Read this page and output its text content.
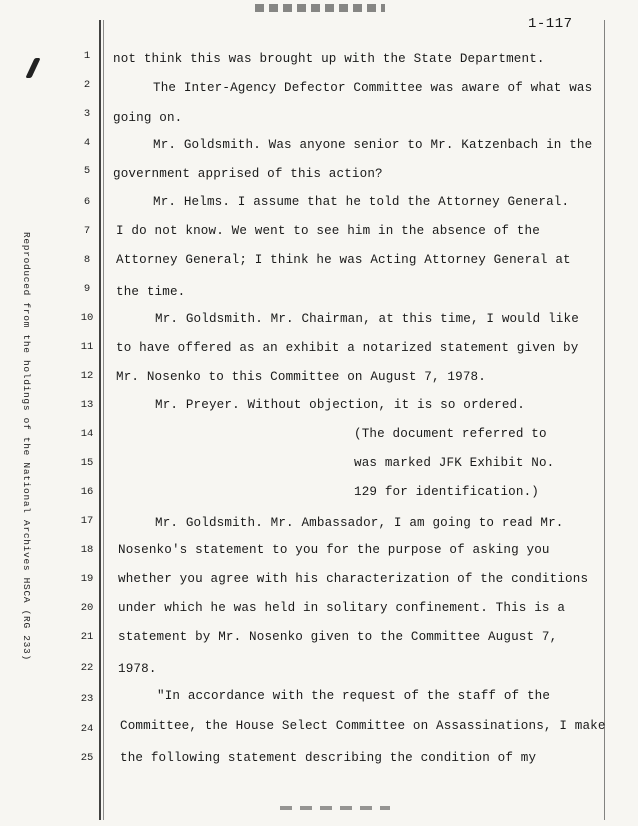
1-117
Reproduced from the holdings of the National Archives HSCA (RG 233)
1
2
3
4
5
6
7
8
9
10
11
12
13
14
15
16
17
18
19
20
21
22
23
24
25
not think this was brought up with the State Department.
The Inter-Agency Defector Committee was aware of what was
going on.
Mr. Goldsmith. Was anyone senior to Mr. Katzenbach in the
government apprised of this action?
Mr. Helms. I assume that he told the Attorney General.
I do not know. We went to see him in the absence of the
Attorney General; I think he was Acting Attorney General at
the time.
Mr. Goldsmith. Mr. Chairman, at this time, I would like
to have offered as an exhibit a notarized statement given by
Mr. Nosenko to this Committee on August 7, 1978.
Mr. Preyer. Without objection, it is so ordered.
(The document referred to
was marked JFK Exhibit No.
129 for identification.)
Mr. Goldsmith. Mr. Ambassador, I am going to read Mr.
Nosenko's statement to you for the purpose of asking you
whether you agree with his characterization of the conditions
under which he was held in solitary confinement. This is a
statement by Mr. Nosenko given to the Committee August 7,
1978.
"In accordance with the request of the staff of the
Committee, the House Select Committee on Assassinations, I make
the following statement describing the condition of my
